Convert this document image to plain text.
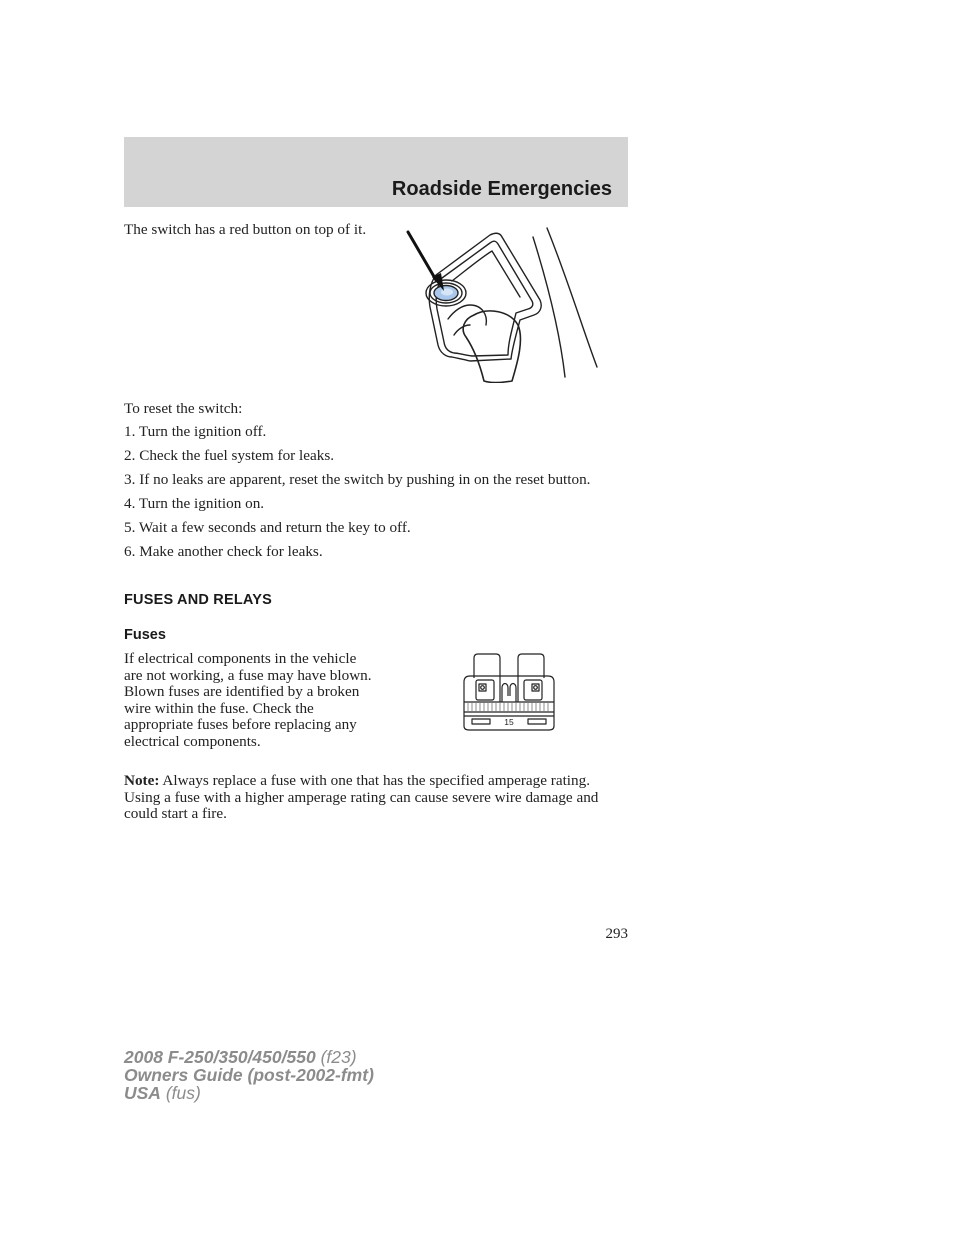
Roadside Emergencies
The switch has a red button on top of it.
To reset the switch:
1. Turn the ignition off.
2. Check the fuel system for leaks.
3. If no leaks are apparent, reset the switch by pushing in on the reset button.
4. Turn the ignition on.
5. Wait a few seconds and return the key to off.
6. Make another check for leaks.
FUSES AND RELAYS
Fuses
If electrical components in the vehicle are not working, a fuse may have blown. Blown fuses are identified by a broken wire within the fuse. Check the appropriate fuses before replacing any electrical components.
15
Note: Always replace a fuse with one that has the specified amperage rating. Using a fuse with a higher amperage rating can cause severe wire damage and could start a fire.
293
2008 F-250/350/450/550 (f23)
Owners Guide (post-2002-fmt)
USA (fus)
